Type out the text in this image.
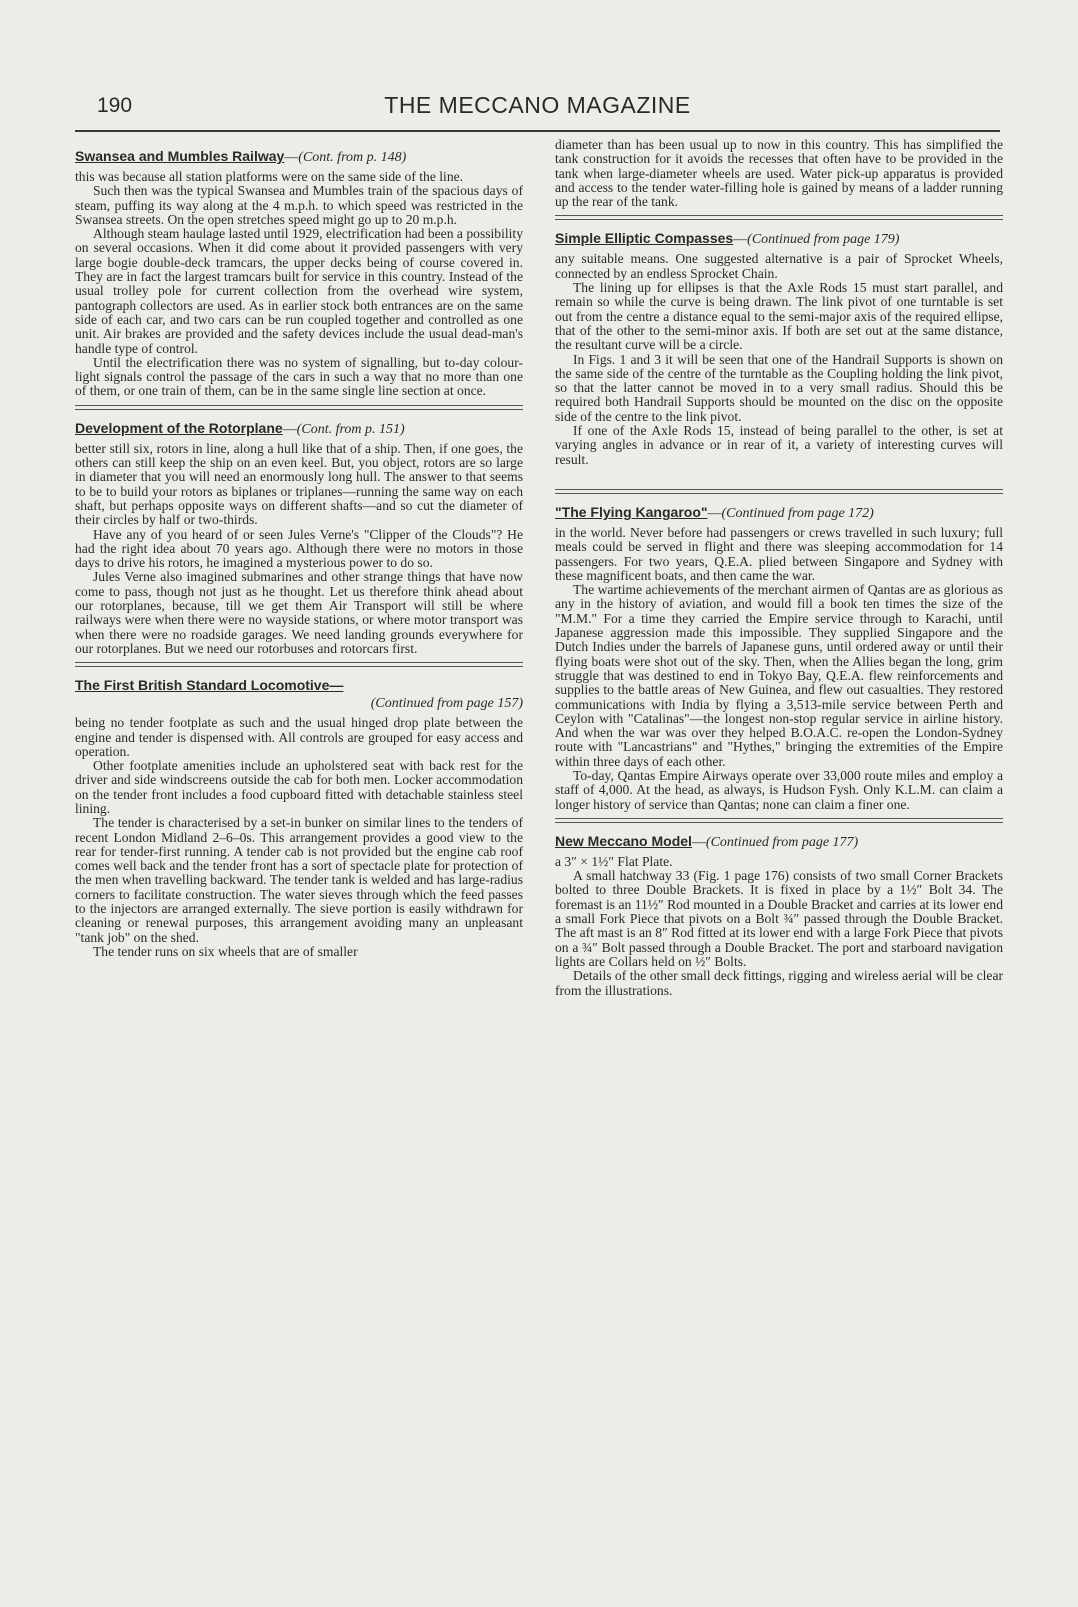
190	THE MECCANO MAGAZINE
Swansea and Mumbles Railway — (Cont. from p. 148)

this was because all station platforms were on the same side of the line.

Such then was the typical Swansea and Mumbles train of the spacious days of steam, puffing its way along at the 4 m.p.h. to which speed was restricted in the Swansea streets. On the open stretches speed might go up to 20 m.p.h.

Although steam haulage lasted until 1929, electrification had been a possibility on several occasions. When it did come about it provided passengers with very large bogie double-deck tramcars, the upper decks being of course covered in. They are in fact the largest tramcars built for service in this country. Instead of the usual trolley pole for current collection from the overhead wire system, pantograph collectors are used. As in earlier stock both entrances are on the same side of each car, and two cars can be run coupled together and controlled as one unit. Air brakes are provided and the safety devices include the usual dead-man's handle type of control.

Until the electrification there was no system of signalling, but to-day colour-light signals control the passage of the cars in such a way that no more than one of them, or one train of them, can be in the same single line section at once.

Development of the Rotorplane — (Cont. from p. 151)

better still six, rotors in line, along a hull like that of a ship. Then, if one goes, the others can still keep the ship on an even keel. But, you object, rotors are so large in diameter that you will need an enormously long hull. The answer to that seems to be to build your rotors as biplanes or triplanes—running the same way on each shaft, but perhaps opposite ways on different shafts—and so cut the diameter of their circles by half or two-thirds.

Have any of you heard of or seen Jules Verne's "Clipper of the Clouds"? He had the right idea about 70 years ago. Although there were no motors in those days to drive his rotors, he imagined a mysterious power to do so.

Jules Verne also imagined submarines and other strange things that have now come to pass, though not just as he thought. Let us therefore think ahead about our rotorplanes, because, till we get them Air Transport will still be where railways were when there were no wayside stations, or where motor transport was when there were no roadside garages. We need landing grounds everywhere for our rotorplanes. But we need our rotorbuses and rotorcars first.

The First British Standard Locomotive —
(Continued from page 157)

being no tender footplate as such and the usual hinged drop plate between the engine and tender is dispensed with. All controls are grouped for easy access and operation.

Other footplate amenities include an upholstered seat with back rest for the driver and side windscreens outside the cab for both men. Locker accommodation on the tender front includes a food cupboard fitted with detachable stainless steel lining.

The tender is characterised by a set-in bunker on similar lines to the tenders of recent London Midland 2–6–0s. This arrangement provides a good view to the rear for tender-first running. A tender cab is not provided but the engine cab roof comes well back and the tender front has a sort of spectacle plate for protection of the men when travelling backward. The tender tank is welded and has large-radius corners to facilitate construction. The water sieves through which the feed passes to the injectors are arranged externally. The sieve portion is easily withdrawn for cleaning or renewal purposes, this arrangement avoiding many an unpleasant "tank job" on the shed.

The tender runs on six wheels that are of smaller

diameter than has been usual up to now in this country. This has simplified the tank construction for it avoids the recesses that often have to be provided in the tank when large-diameter wheels are used. Water pick-up apparatus is provided and access to the tender water-filling hole is gained by means of a ladder running up the rear of the tank.

Simple Elliptic Compasses — (Continued from page 179)

any suitable means. One suggested alternative is a pair of Sprocket Wheels, connected by an endless Sprocket Chain.

The lining up for ellipses is that the Axle Rods 15 must start parallel, and remain so while the curve is being drawn. The link pivot of one turntable is set out from the centre a distance equal to the semi-major axis of the required ellipse, that of the other to the semi-minor axis. If both are set out at the same distance, the resultant curve will be a circle.

In Figs. 1 and 3 it will be seen that one of the Handrail Supports is shown on the same side of the centre of the turntable as the Coupling holding the link pivot, so that the latter cannot be moved in to a very small radius. Should this be required both Handrail Supports should be mounted on the disc on the opposite side of the centre to the link pivot.

If one of the Axle Rods 15, instead of being parallel to the other, is set at varying angles in advance or in rear of it, a variety of interesting curves will result.

"The Flying Kangaroo" — (Continued from page 172)

in the world. Never before had passengers or crews travelled in such luxury; full meals could be served in flight and there was sleeping accommodation for 14 passengers. For two years, Q.E.A. plied between Singapore and Sydney with these magnificent boats, and then came the war.

The wartime achievements of the merchant airmen of Qantas are as glorious as any in the history of aviation, and would fill a book ten times the size of the "M.M." For a time they carried the Empire service through to Karachi, until Japanese aggression made this impossible. They supplied Singapore and the Dutch Indies under the barrels of Japanese guns, until ordered away or until their flying boats were shot out of the sky. Then, when the Allies began the long, grim struggle that was destined to end in Tokyo Bay, Q.E.A. flew reinforcements and supplies to the battle areas of New Guinea, and flew out casualties. They restored communications with India by flying a 3,513-mile service between Perth and Ceylon with "Catalinas"—the longest non-stop regular service in airline history. And when the war was over they helped B.O.A.C. re-open the London-Sydney route with "Lancastrians" and "Hythes," bringing the extremities of the Empire within three days of each other.

To-day, Qantas Empire Airways operate over 33,000 route miles and employ a staff of 4,000. At the head, as always, is Hudson Fysh. Only K.L.M. can claim a longer history of service than Qantas; none can claim a finer one.

New Meccano Model — (Continued from page 177)

a 3″ × 1½″ Flat Plate.

A small hatchway 33 (Fig. 1 page 176) consists of two small Corner Brackets bolted to three Double Brackets. It is fixed in place by a 1½″ Bolt 34. The foremast is an 11½″ Rod mounted in a Double Bracket and carries at its lower end a small Fork Piece that pivots on a Bolt ¾″ passed through the Double Bracket. The aft mast is an 8″ Rod fitted at its lower end with a large Fork Piece that pivots on a ¾″ Bolt passed through a Double Bracket. The port and starboard navigation lights are Collars held on ½″ Bolts.

Details of the other small deck fittings, rigging and wireless aerial will be clear from the illustrations.
